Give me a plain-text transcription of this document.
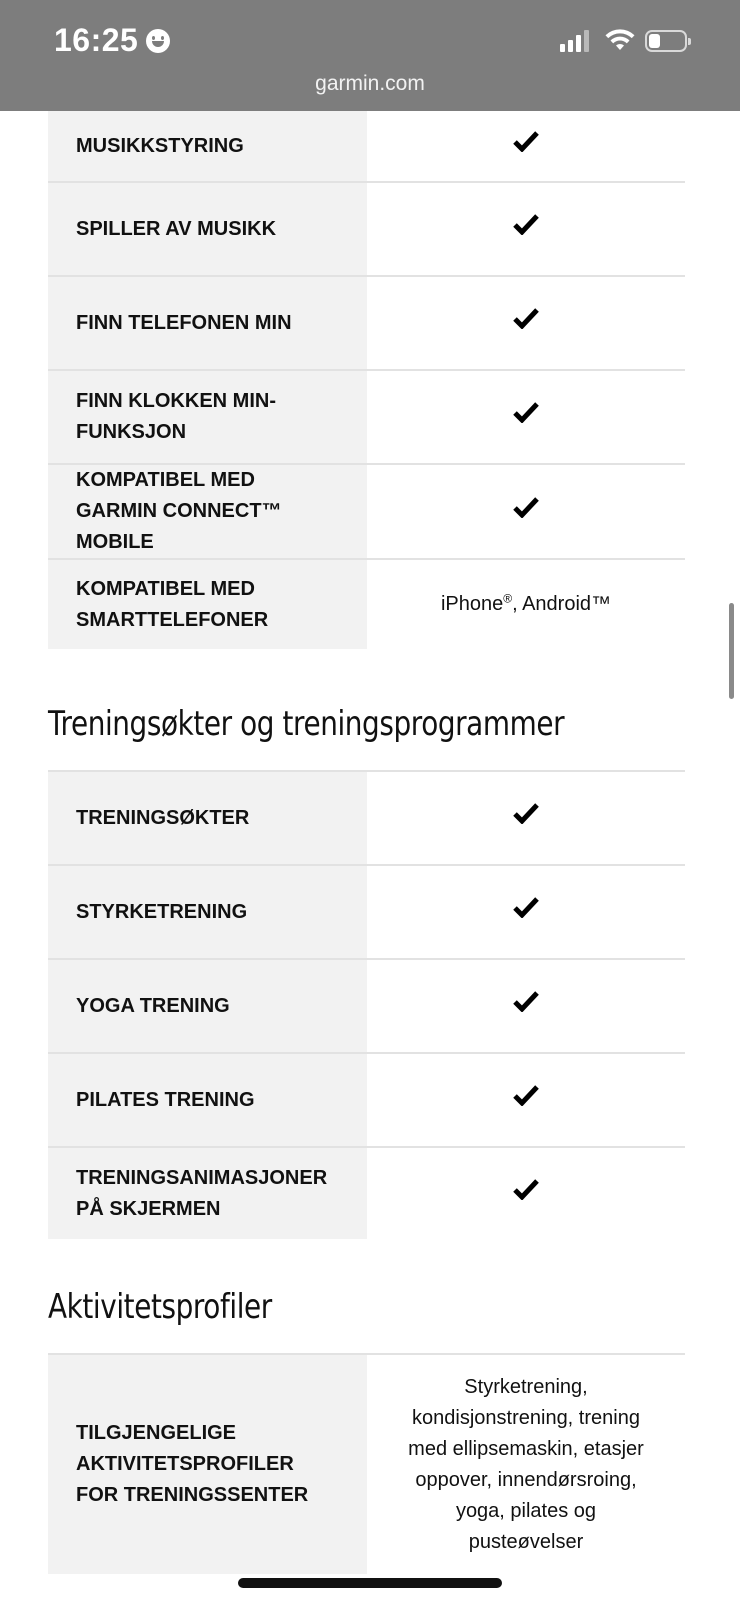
16:25
garmin.com
MUSIKKSTYRING	

SPILLER AV MUSIKK	

FINN TELEFONEN MIN	

FINN KLOKKEN MIN-FUNKSJON	

KOMPATIBEL MED GARMIN CONNECT™ MOBILE	

KOMPATIBEL MED SMARTTELEFONER	iPhone®, Android™
Treningsøkter og treningsprogrammer
TRENINGSØKTER	

STYRKETRENING	

YOGA TRENING	

PILATES TRENING	

TRENINGSANIMASJONER PÅ SKJERMEN	
Aktivitetsprofiler
TILGJENGELIGE AKTIVITETSPROFILER FOR TRENINGSSENTER	Styrketrening, kondisjonstrening, trening med ellipsemaskin, etasjer oppover, innendørsroing, yoga, pilates og pusteøvelser
